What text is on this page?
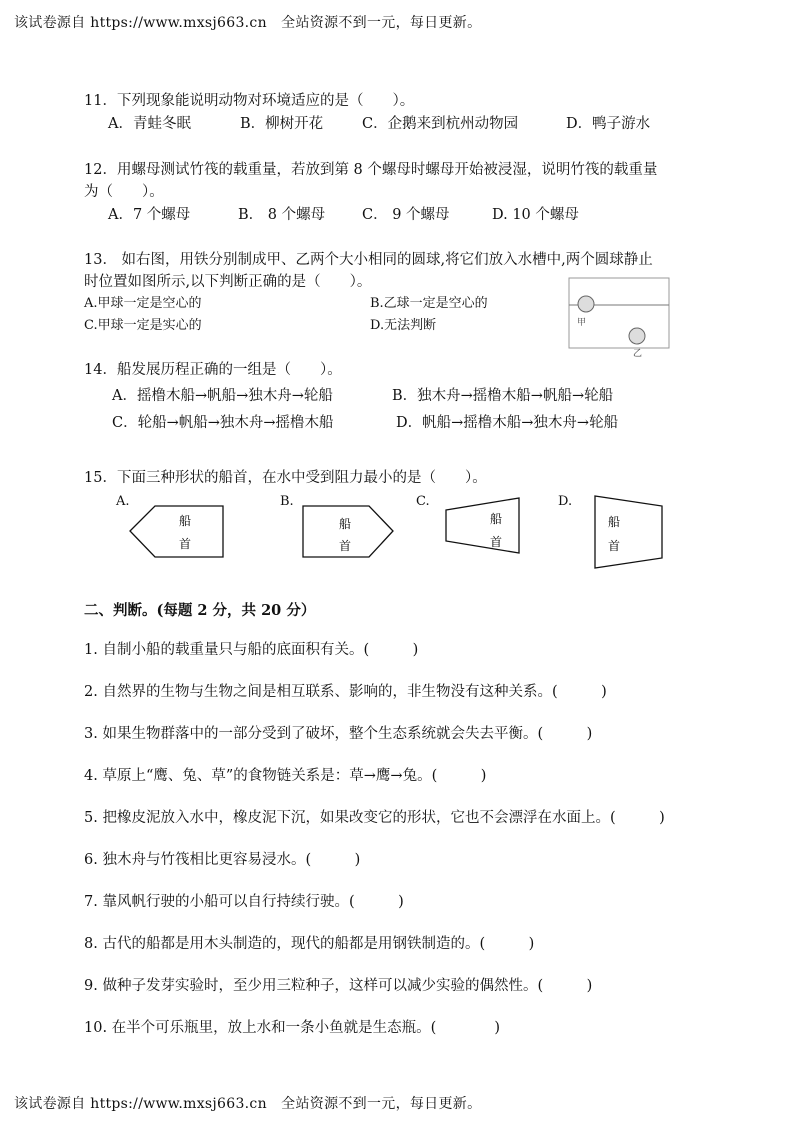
该试卷源自 https://www.mxsj663.cn　全站资源不到一元，每日更新。
11．下列现象能说明动物对环境适应的是（　　）。
A．青蛙冬眠	B．柳树开花	C．企鹅来到杭州动物园	D．鸭子游水
12．用螺母测试竹筏的载重量，若放到第 8 个螺母时螺母开始被浸湿，说明竹筏的载重量
为（　　）。
A．7 个螺母	B． 8 个螺母	C． 9 个螺母	D. 10 个螺母
13． 如右图，用铁分别制成甲、乙两个大小相同的圆球,将它们放入水槽中,两个圆球静止
时位置如图所示,以下判断正确的是（　　）。
A.甲球一定是空心的	B.乙球一定是空心的
C.甲球一定是实心的	D.无法判断	甲
乙
14．船发展历程正确的一组是（　　）。
A．摇橹木船→帆船→独木舟→轮船	B．独木舟→摇橹木船→帆船→轮船
C．轮船→帆船→独木舟→摇橹木船	D．帆船→摇橹木船→独木舟→轮船
15．下面三种形状的船首，在水中受到阻力最小的是（　　）。
A.	B.	C.	D.
船
首
船
首
船
首
船
首
二、判断。(每题 2 分，共 20 分）
1. 自制小船的载重量只与船的底面积有关。(　　　)
2. 自然界的生物与生物之间是相互联系、影响的，非生物没有这种关系。(　　　)
3. 如果生物群落中的一部分受到了破坏，整个生态系统就会失去平衡。(　　　)
4. 草原上“鹰、兔、草”的食物链关系是：草→鹰→兔。(　　　)
5. 把橡皮泥放入水中，橡皮泥下沉，如果改变它的形状，它也不会漂浮在水面上。(　　　)
6. 独木舟与竹筏相比更容易浸水。(　　　)
7. 靠风帆行驶的小船可以自行持续行驶。(　　　)
8. 古代的船都是用木头制造的，现代的船都是用钢铁制造的。(　　　)
9. 做种子发芽实验时，至少用三粒种子，这样可以减少实验的偶然性。(　　　)
10. 在半个可乐瓶里，放上水和一条小鱼就是生态瓶。(　　　　)
该试卷源自 https://www.mxsj663.cn　全站资源不到一元，每日更新。
